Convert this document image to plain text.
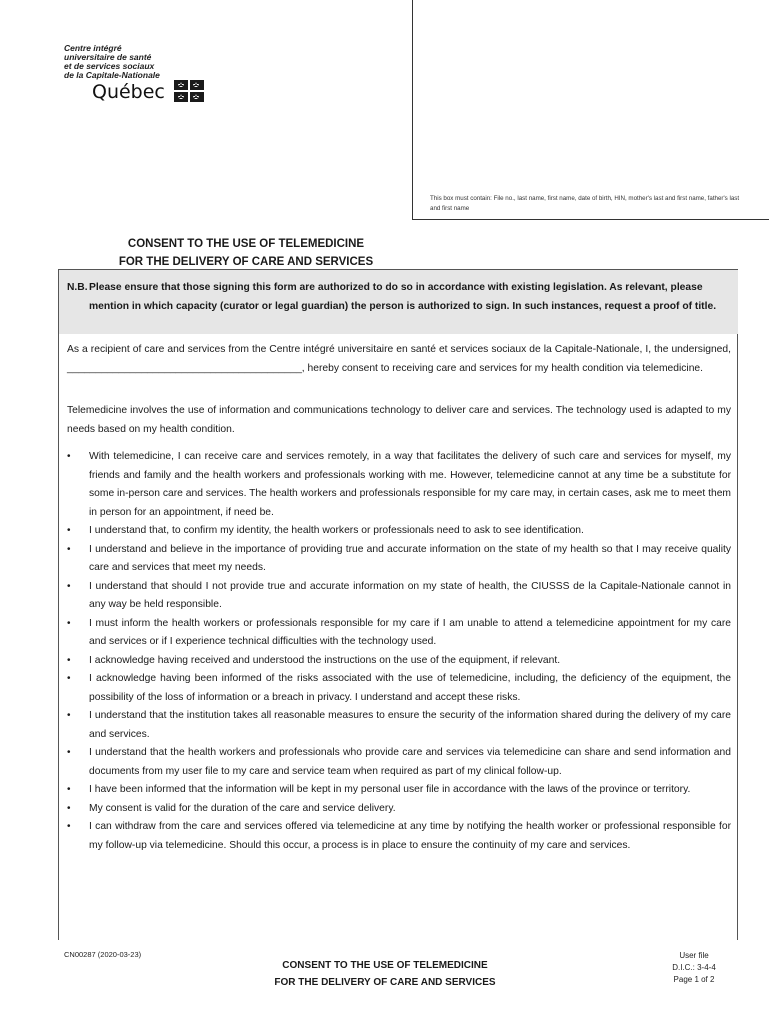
Centre intégré
universitaire de santé
et de services sociaux
de la Capitale-Nationale
Québec
This box must contain: File no., last name, first name, date of birth, HIN, mother's last and first name, father's last and first name
CONSENT TO THE USE OF TELEMEDICINE
FOR THE DELIVERY OF CARE AND SERVICES
N.B. Please ensure that those signing this form are authorized to do so in accordance with existing legislation. As relevant, please mention in which capacity (curator or legal guardian) the person is authorized to sign. In such instances, request a proof of title.
As a recipient of care and services from the Centre intégré universitaire en santé et services sociaux de la Capitale-Nationale, I, the undersigned, _________________________________________, hereby consent to receiving care and services for my health condition via telemedicine.
Telemedicine involves the use of information and communications technology to deliver care and services. The technology used is adapted to my needs based on my health condition.
• With telemedicine, I can receive care and services remotely, in a way that facilitates the delivery of such care and services for myself, my friends and family and the health workers and professionals working with me. However, telemedicine cannot at any time be a substitute for some in-person care and services. The health workers and professionals responsible for my care may, in certain cases, ask me to meet them in person for an appointment, if need be.
• I understand that, to confirm my identity, the health workers or professionals need to ask to see identification.
• I understand and believe in the importance of providing true and accurate information on the state of my health so that I may receive quality care and services that meet my needs.
• I understand that should I not provide true and accurate information on my state of health, the CIUSSS de la Capitale-Nationale cannot in any way be held responsible.
• I must inform the health workers or professionals responsible for my care if I am unable to attend a telemedicine appointment for my care and services or if I experience technical difficulties with the technology used.
• I acknowledge having received and understood the instructions on the use of the equipment, if relevant.
• I acknowledge having been informed of the risks associated with the use of telemedicine, including, the deficiency of the equipment, the possibility of the loss of information or a breach in privacy. I understand and accept these risks.
• I understand that the institution takes all reasonable measures to ensure the security of the information shared during the delivery of my care and services.
• I understand that the health workers and professionals who provide care and services via telemedicine can share and send information and documents from my user file to my care and service team when required as part of my clinical follow-up.
• I have been informed that the information will be kept in my personal user file in accordance with the laws of the province or territory.
• My consent is valid for the duration of the care and service delivery.
• I can withdraw from the care and services offered via telemedicine at any time by notifying the health worker or professional responsible for my follow-up via telemedicine. Should this occur, a process is in place to ensure the continuity of my care and services.
CN00287 (2020-03-23)
CONSENT TO THE USE OF TELEMEDICINE
FOR THE DELIVERY OF CARE AND SERVICES
User file
D.I.C.: 3-4-4
Page 1 of 2
